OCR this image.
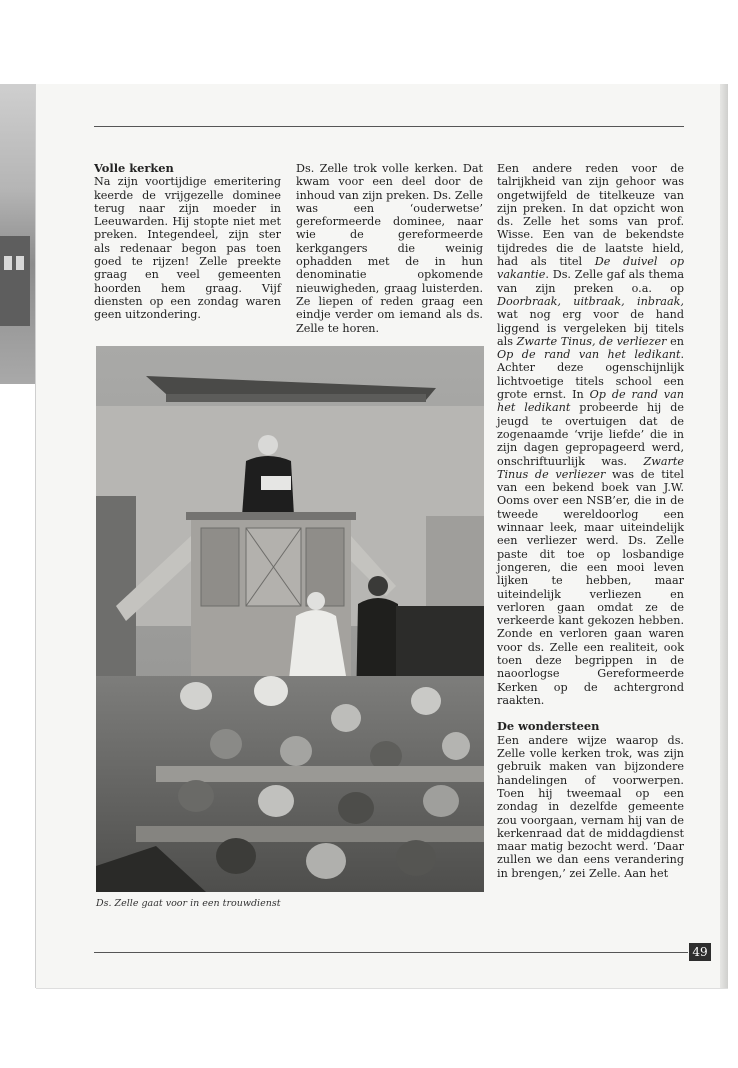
Volle kerken

Na zijn voortijdige emeritering keerde de vrijgezelle dominee terug naar zijn moeder in Leeuwarden. Hij stopte niet met preken. Integendeel, zijn ster als redenaar begon pas toen goed te rijzen! Zelle preekte graag en veel gemeenten hoorden hem graag. Vijf diensten op een zondag waren geen uitzondering.

Ds. Zelle trok volle kerken. Dat kwam voor een deel door de inhoud van zijn preken. Ds. Zelle was een ‘ouderwetse’ gereformeerde dominee, naar wie de gereformeerde kerkgangers die weinig ophadden met de in hun denominatie opkomende nieuwigheden, graag luisterden. Ze liepen of reden graag een eindje verder om iemand als ds. Zelle te horen.

Ds. Zelle gaat voor in een trouwdienst

Een andere reden voor de talrijkheid van zijn gehoor was ongetwijfeld de titelkeuze van zijn preken. In dat opzicht won ds. Zelle het soms van prof. Wisse. Een van de bekendste tijdredes die de laatste hield, had als titel De duivel op vakantie. Ds. Zelle gaf als thema van zijn preken o.a. op Doorbraak, uitbraak, inbraak, wat nog erg voor de hand liggend is vergeleken bij titels als Zwarte Tinus, de verliezer en Op de rand van het ledikant. Achter deze ogenschijnlijk lichtvoetige titels school een grote ernst. In Op de rand van het ledikant probeerde hij de jeugd te overtuigen dat de zogenaamde ‘vrije liefde’ die in zijn dagen gepropageerd werd, onschriftuurlijk was. Zwarte Tinus de verliezer was de titel van een bekend boek van J.W. Ooms over een NSB’er, die in de tweede wereldoorlog een winnaar leek, maar uiteindelijk een verliezer werd. Ds. Zelle paste dit toe op losbandige jongeren, die een mooi leven lijken te hebben, maar uiteindelijk verliezen en verloren gaan omdat ze de verkeerde kant gekozen hebben. Zonde en verloren gaan waren voor ds. Zelle een realiteit, ook toen deze begrippen in de naoorlogse Gereformeerde Kerken op de achtergrond raakten.

De wondersteen

Een andere wijze waarop ds. Zelle volle kerken trok, was zijn gebruik maken van bijzondere handelingen of voorwerpen. Toen hij tweemaal op een zondag in dezelfde gemeente zou voorgaan, vernam hij van de kerkenraad dat de middagdienst maar matig bezocht werd. ‘Daar zullen we dan eens verandering in brengen,’ zei Zelle. Aan het

49
